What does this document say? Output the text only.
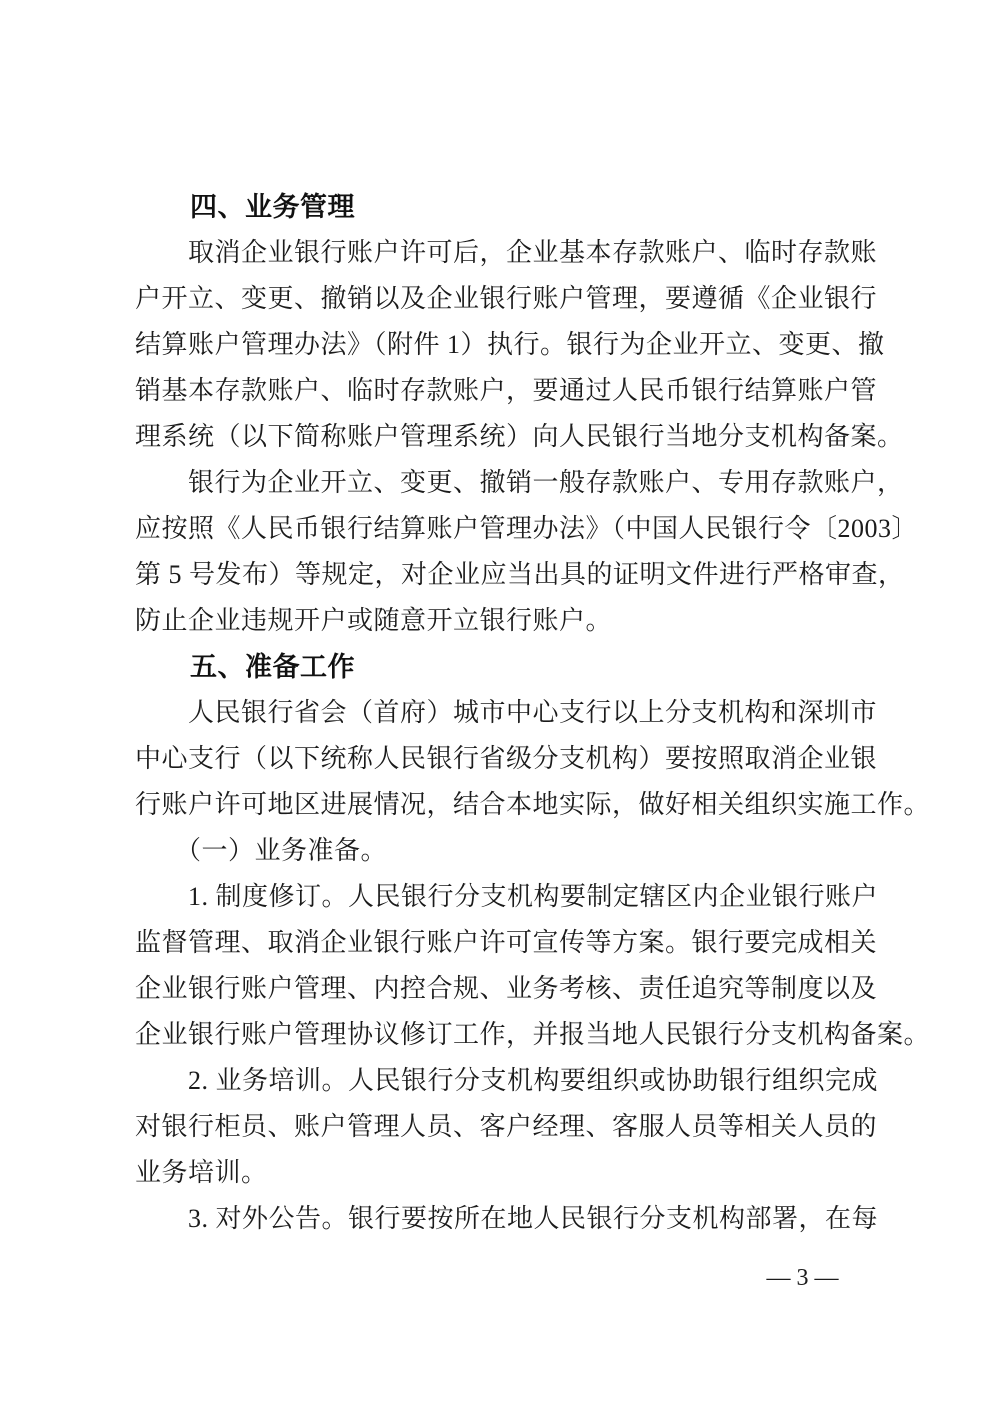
　　四、业务管理
　　取消企业银行账户许可后，企业基本存款账户、临时存款账
户开立、变更、撤销以及企业银行账户管理，要遵循《企业银行
结算账户管理办法》（附件 1）执行。银行为企业开立、变更、撤
销基本存款账户、临时存款账户，要通过人民币银行结算账户管
理系统（以下简称账户管理系统）向人民银行当地分支机构备案。
　　银行为企业开立、变更、撤销一般存款账户、专用存款账户，
应按照《人民币银行结算账户管理办法》（中国人民银行令〔2003〕
第 5 号发布）等规定，对企业应当出具的证明文件进行严格审查，
防止企业违规开户或随意开立银行账户。
　　五、准备工作
　　人民银行省会（首府）城市中心支行以上分支机构和深圳市
中心支行（以下统称人民银行省级分支机构）要按照取消企业银
行账户许可地区进展情况，结合本地实际，做好相关组织实施工作。
　　（一）业务准备。
　　1. 制度修订。人民银行分支机构要制定辖区内企业银行账户
监督管理、取消企业银行账户许可宣传等方案。银行要完成相关
企业银行账户管理、内控合规、业务考核、责任追究等制度以及
企业银行账户管理协议修订工作，并报当地人民银行分支机构备案。
　　2. 业务培训。人民银行分支机构要组织或协助银行组织完成
对银行柜员、账户管理人员、客户经理、客服人员等相关人员的
业务培训。
　　3. 对外公告。银行要按所在地人民银行分支机构部署，在每
— 3 —
